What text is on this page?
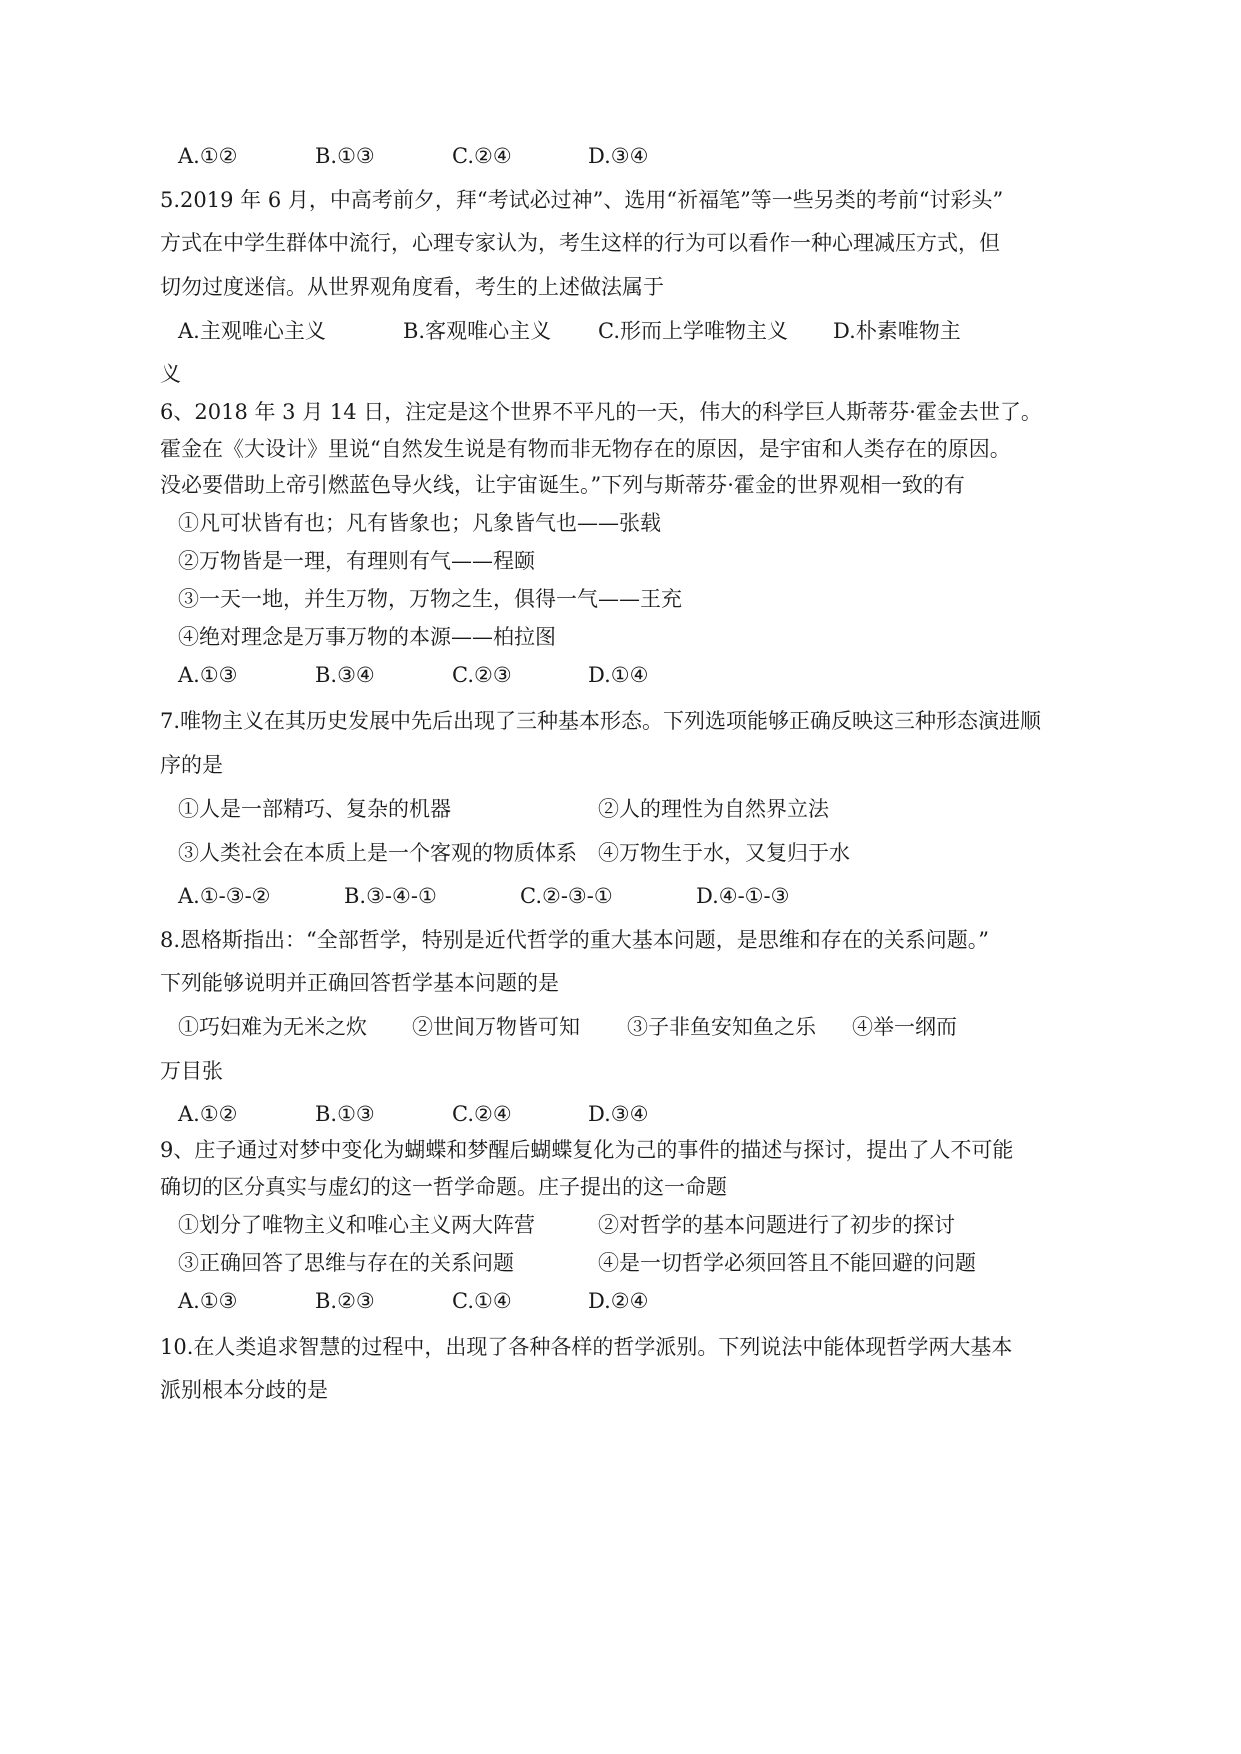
A.①②	B.①③	C.②④	D.③④
5.2019 年 6 月，中高考前夕，拜“考试必过神”、选用“祈福笔”等一些另类的考前“讨彩头”
方式在中学生群体中流行，心理专家认为，考生这样的行为可以看作一种心理减压方式，但
切勿过度迷信。从世界观角度看，考生的上述做法属于
A.主观唯心主义	B.客观唯心主义 C.形而上学唯物主义 D.朴素唯物主
义
6、2018 年 3 月 14 日，注定是这个世界不平凡的一天，伟大的科学巨人斯蒂芬·霍金去世了。
霍金在《大设计》里说“自然发生说是有物而非无物存在的原因，是宇宙和人类存在的原因。
没必要借助上帝引燃蓝色导火线，让宇宙诞生。”下列与斯蒂芬·霍金的世界观相一致的有
①凡可状皆有也；凡有皆象也；凡象皆气也——张载
②万物皆是一理，有理则有气——程颐
③一天一地，并生万物，万物之生，俱得一气——王充
④绝对理念是万事万物的本源——柏拉图
A.①③	B.③④	C.②③	D.①④
7.唯物主义在其历史发展中先后出现了三种基本形态。下列选项能够正确反映这三种形态演进顺
序的是
①人是一部精巧、复杂的机器	②人的理性为自然界立法
③人类社会在本质上是一个客观的物质体系 ④万物生于水，又复归于水
A.①-③-②	B.③-④-①	C.②-③-①	D.④-①-③
8.恩格斯指出：“全部哲学，特别是近代哲学的重大基本问题，是思维和存在的关系问题。”
下列能够说明并正确回答哲学基本问题的是
①巧妇难为无米之炊 ②世间万物皆可知 ③子非鱼安知鱼之乐 ④举一纲而
万目张
A.①②	B.①③	C.②④	D.③④
9、庄子通过对梦中变化为蝴蝶和梦醒后蝴蝶复化为己的事件的描述与探讨，提出了人不可能
确切的区分真实与虚幻的这一哲学命题。庄子提出的这一命题
①划分了唯物主义和唯心主义两大阵营	②对哲学的基本问题进行了初步的探讨
③正确回答了思维与存在的关系问题	④是一切哲学必须回答且不能回避的问题
A.①③	B.②③	C.①④	D.②④
10.在人类追求智慧的过程中，出现了各种各样的哲学派别。下列说法中能体现哲学两大基本
派别根本分歧的是
